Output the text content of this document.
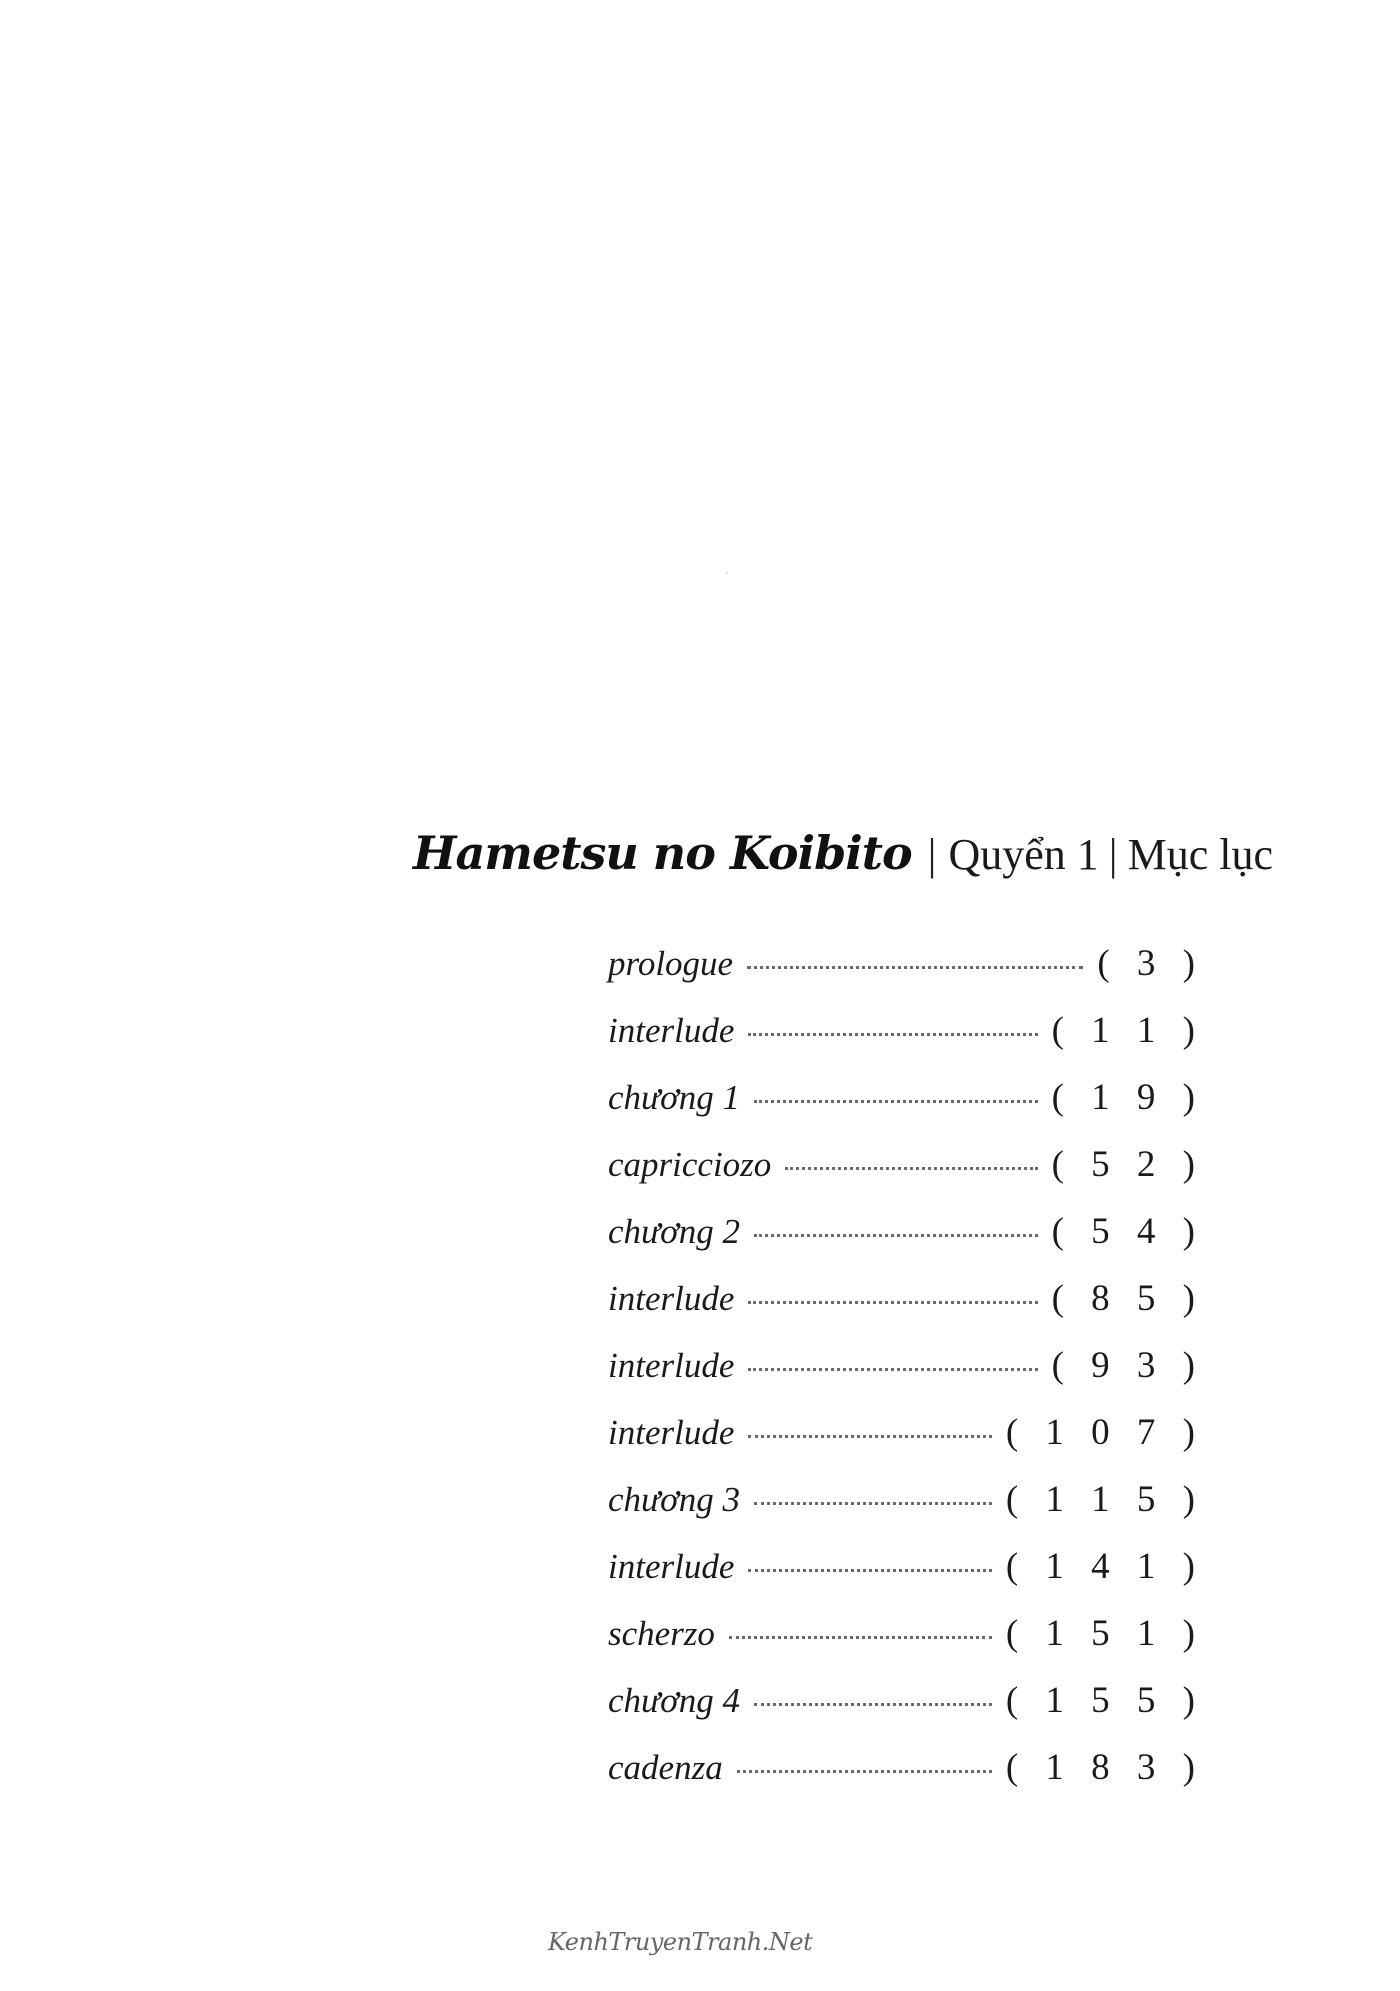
Hametsu no Koibito | Quyển 1 | Mục lục
prologue	( 3 )
interlude	( 1 1 )
chương 1	( 1 9 )
capricciozo	( 5 2 )
chương 2	( 5 4 )
interlude	( 8 5 )
interlude	( 9 3 )
interlude	( 1 0 7 )
chương 3	( 1 1 5 )
interlude	( 1 4 1 )
scherzo	( 1 5 1 )
chương 4	( 1 5 5 )
cadenza	( 1 8 3 )
KenhTruyenTranh.Net
